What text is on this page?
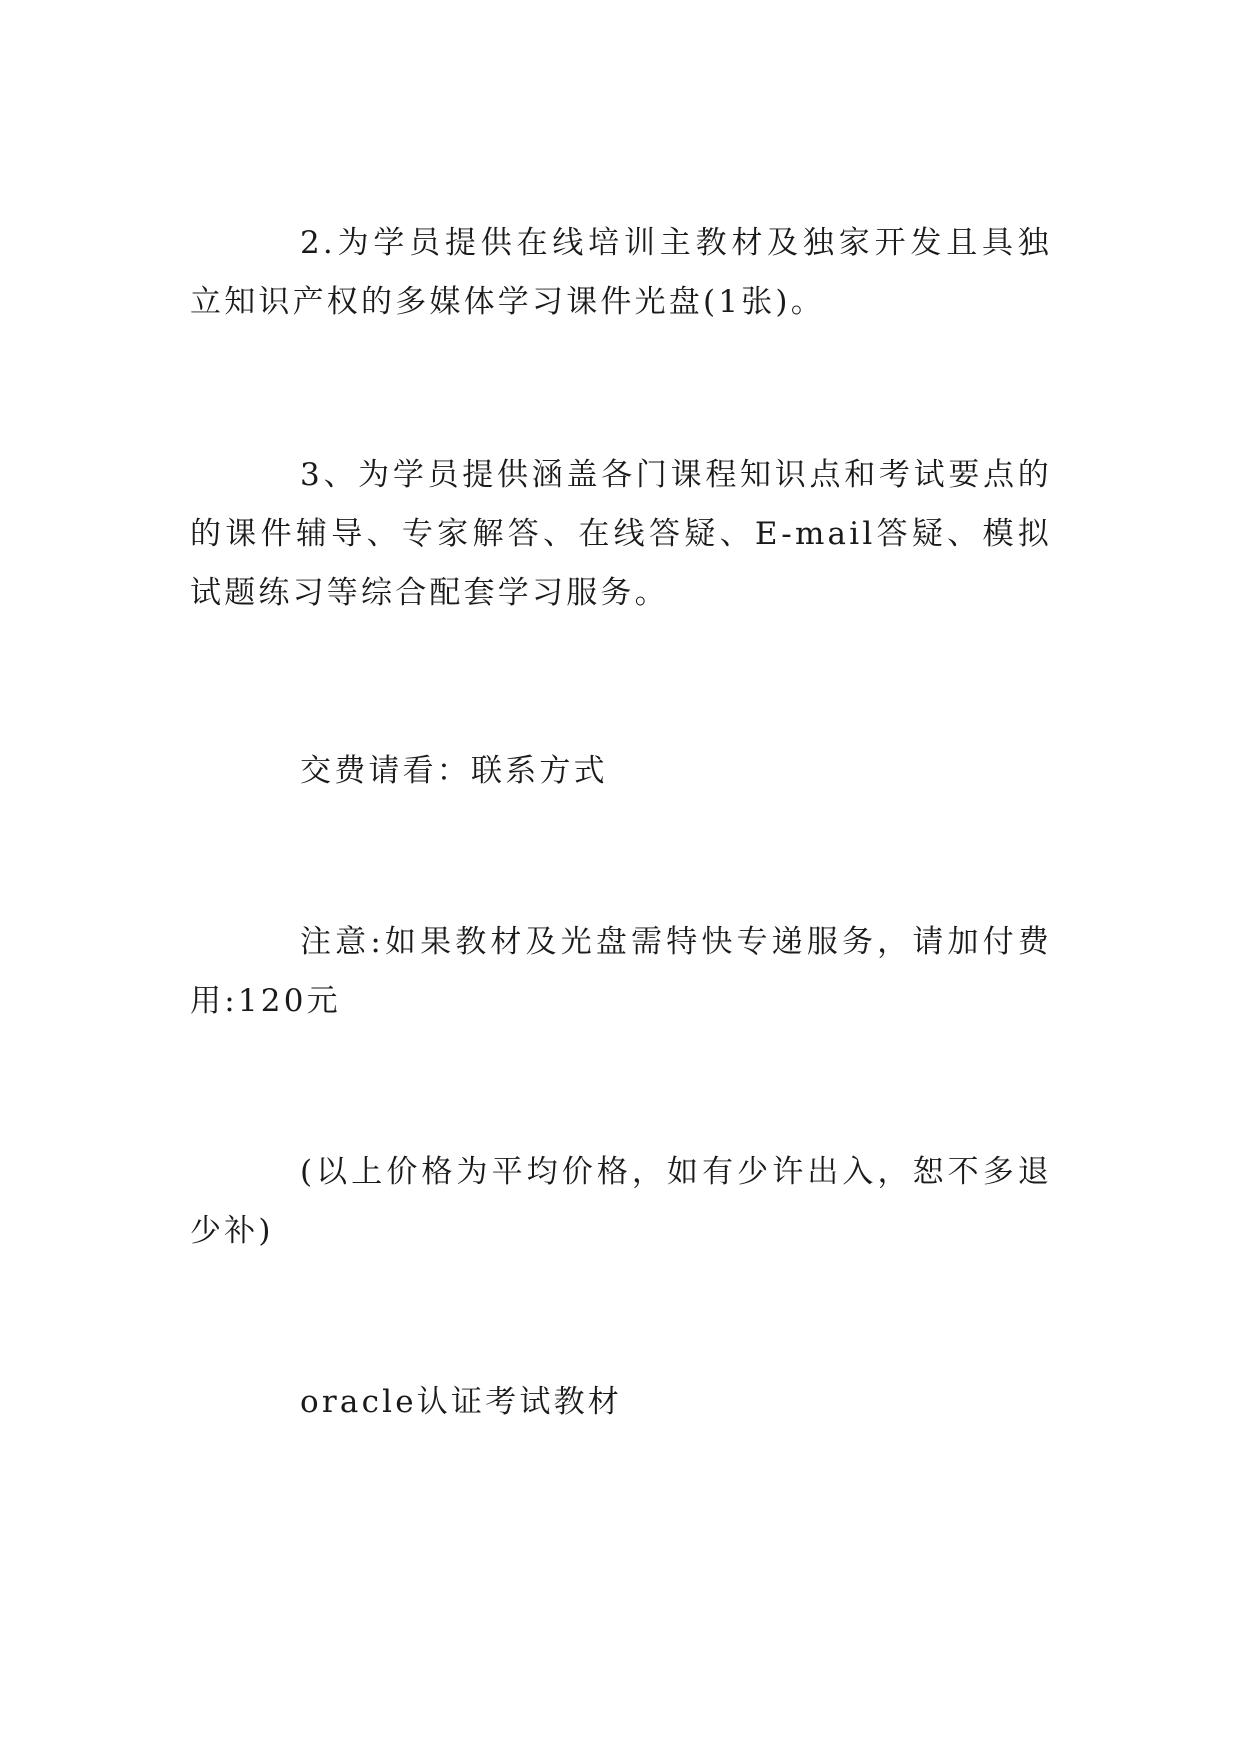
2.为学员提供在线培训主教材及独家开发且具独立知识产权的多媒体学习课件光盘(1张)。

3、为学员提供涵盖各门课程知识点和考试要点的的课件辅导、专家解答、在线答疑、E-mail答疑、模拟试题练习等综合配套学习服务。

交费请看：联系方式

注意:如果教材及光盘需特快专递服务，请加付费用:120元

(以上价格为平均价格，如有少许出入，恕不多退少补)

oracle认证考试教材
